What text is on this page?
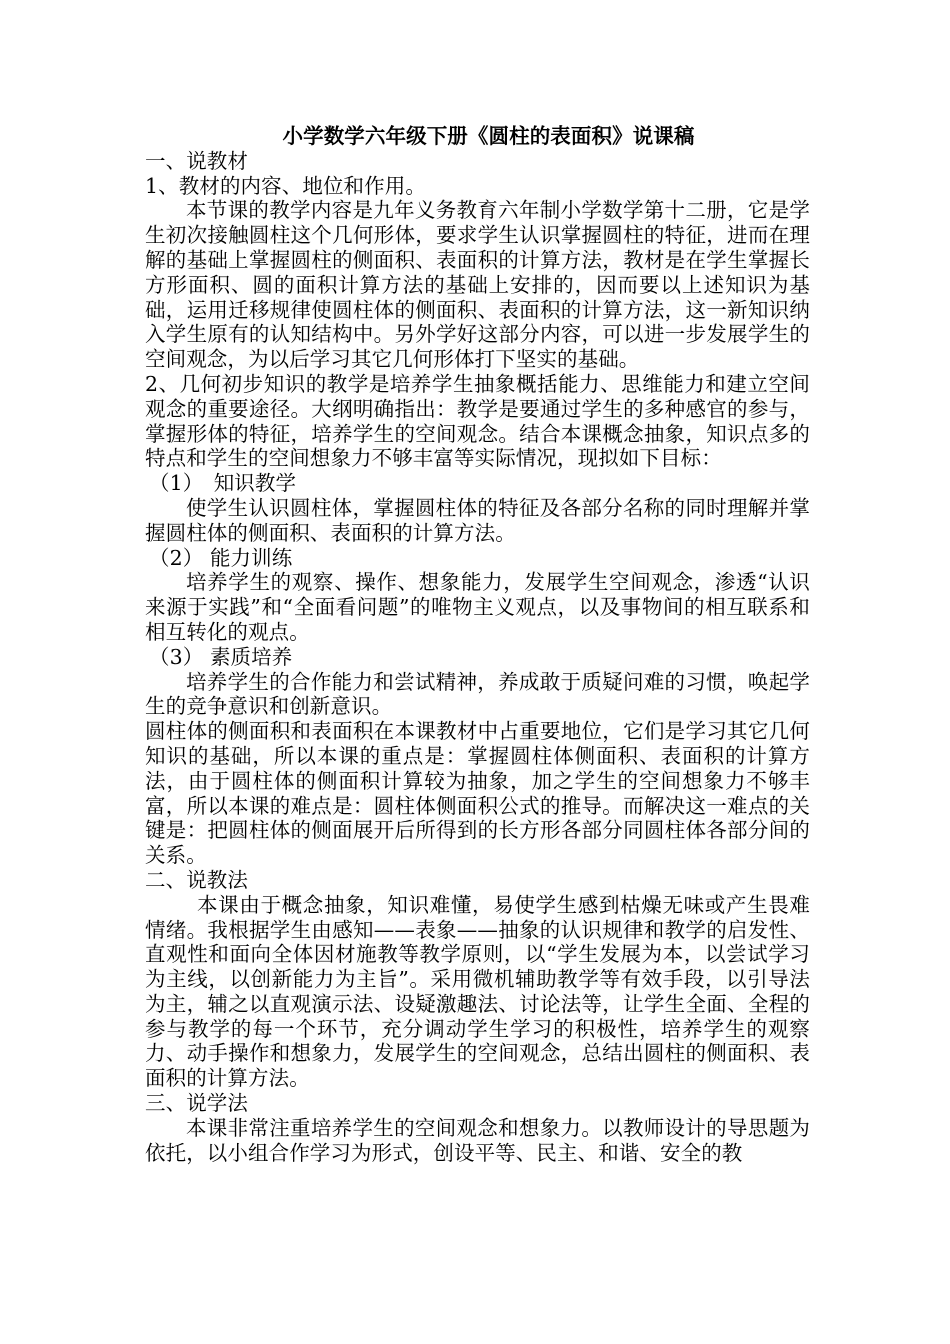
小学数学六年级下册《圆柱的表面积》说课稿

一、说教材

1、教材的内容、地位和作用。

本节课的教学内容是九年义务教育六年制小学数学第十二册，它是学生初次接触圆柱这个几何形体，要求学生认识掌握圆柱的特征，进而在理解的基础上掌握圆柱的侧面积、表面积的计算方法，教材是在学生掌握长方形面积、圆的面积计算方法的基础上安排的，因而要以上述知识为基础，运用迁移规律使圆柱体的侧面积、表面积的计算方法，这一新知识纳入学生原有的认知结构中。另外学好这部分内容，可以进一步发展学生的空间观念，为以后学习其它几何形体打下坚实的基础。

2、几何初步知识的教学是培养学生抽象概括能力、思维能力和建立空间观念的重要途径。大纲明确指出：教学是要通过学生的多种感官的参与，掌握形体的特征，培养学生的空间观念。结合本课概念抽象，知识点多的特点和学生的空间想象力不够丰富等实际情况，现拟如下目标：

（1）　知识教学

使学生认识圆柱体，掌握圆柱体的特征及各部分名称的同时理解并掌握圆柱体的侧面积、表面积的计算方法。

（2） 能力训练

培养学生的观察、操作、想象能力，发展学生空间观念，渗透“认识来源于实践”和“全面看问题”的唯物主义观点，以及事物间的相互联系和相互转化的观点。

（3） 素质培养

培养学生的合作能力和尝试精神，养成敢于质疑问难的习惯，唤起学生的竞争意识和创新意识。

圆柱体的侧面积和表面积在本课教材中占重要地位，它们是学习其它几何知识的基础，所以本课的重点是：掌握圆柱体侧面积、表面积的计算方法，由于圆柱体的侧面积计算较为抽象，加之学生的空间想象力不够丰富，所以本课的难点是：圆柱体侧面积公式的推导。而解决这一难点的关键是：把圆柱体的侧面展开后所得到的长方形各部分同圆柱体各部分间的关系。

二、说教法

本课由于概念抽象，知识难懂，易使学生感到枯燥无味或产生畏难情绪。我根据学生由感知——表象——抽象的认识规律和教学的启发性、直观性和面向全体因材施教等教学原则，以“学生发展为本，以尝试学习为主线，以创新能力为主旨”。采用微机辅助教学等有效手段，以引导法为主，辅之以直观演示法、设疑激趣法、讨论法等，让学生全面、全程的参与教学的每一个环节，充分调动学生学习的积极性，培养学生的观察力、动手操作和想象力，发展学生的空间观念，总结出圆柱的侧面积、表面积的计算方法。

三、说学法

本课非常注重培养学生的空间观念和想象力。以教师设计的导思题为依托，以小组合作学习为形式，创设平等、民主、和谐、安全的教
